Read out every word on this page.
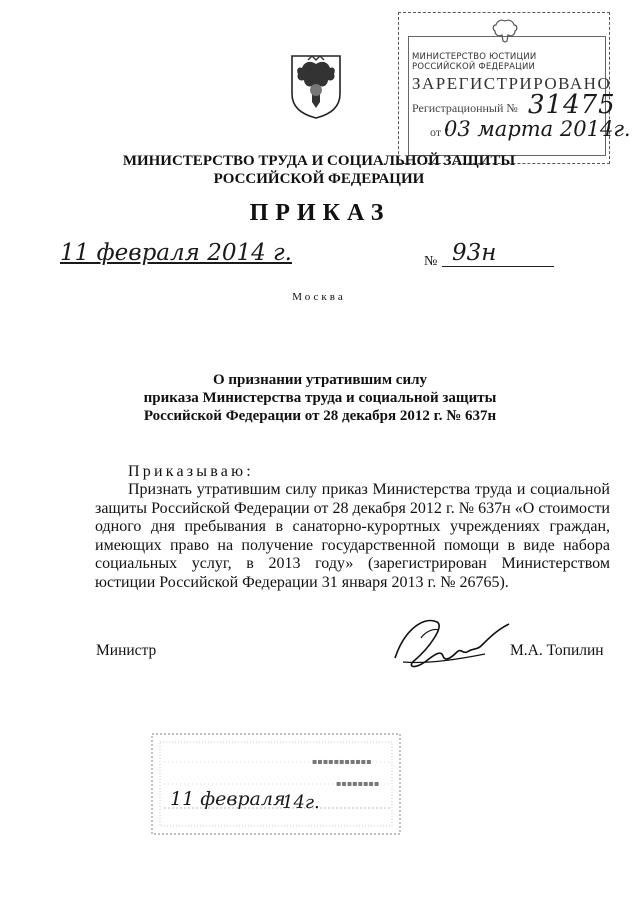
МИНИСТЕРСТВО ЮСТИЦИИ РОССИЙСКОЙ ФЕДЕРАЦИИ
ЗАРЕГИСТРИРОВАНО
Регистрационный № 31475
от "
03 марта 2014г.
МИНИСТЕРСТВО ТРУДА И СОЦИАЛЬНОЙ ЗАЩИТЫ
РОССИЙСКОЙ ФЕДЕРАЦИИ
ПРИКАЗ
11 февраля 2014 г.	№ 93н
Москва
О признании утратившим силу
приказа Министерства труда и социальной защиты
Российской Федерации от 28 декабря 2012 г. № 637н
Приказываю:
Признать утратившим силу приказ Министерства труда и социальной защиты Российской Федерации от 28 декабря 2012 г. № 637н «О стоимости одного дня пребывания в санаторно-курортных учреждениях граждан, имеющих право на получение государственной помощи в виде набора социальных услуг, в 2013 году» (зарегистрирован Министерством юстиции Российской Федерации 31 января 2013 г. № 26765).
Министр	М.А. Топилин
▪▪▪▪▪▪▪▪▪▪▪
▪▪▪▪▪▪▪▪
11 февраля
14г.
